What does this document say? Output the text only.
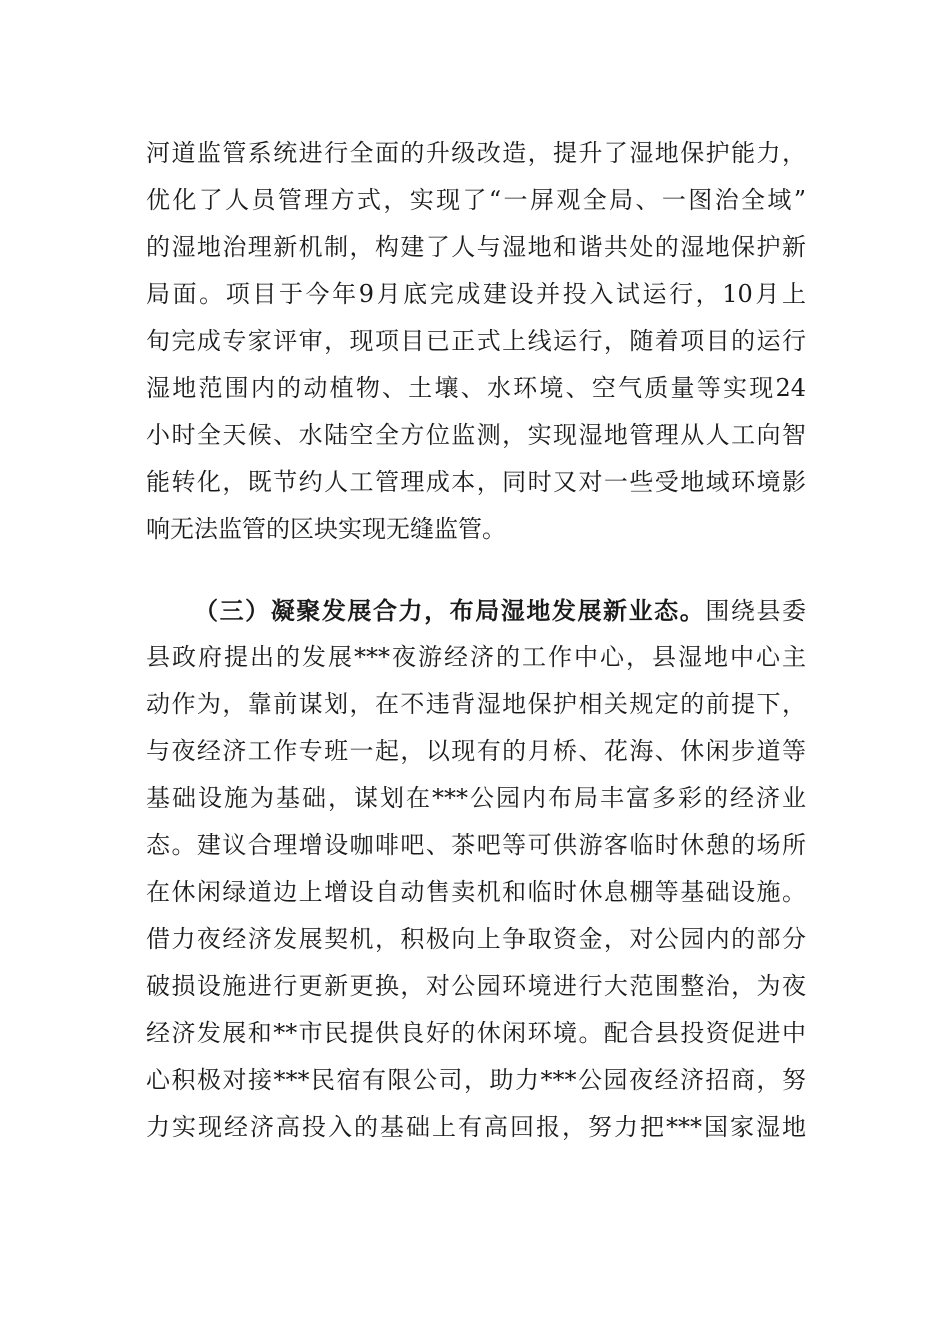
河道监管系统进行全面的升级改造，提升了湿地保护能力，
优化了人员管理方式，实现了“一屏观全局、一图治全域”
的湿地治理新机制，构建了人与湿地和谐共处的湿地保护新
局面。项目于今年9月底完成建设并投入试运行，10月上
旬完成专家评审，现项目已正式上线运行，随着项目的运行
湿地范围内的动植物、土壤、水环境、空气质量等实现24
小时全天候、水陆空全方位监测，实现湿地管理从人工向智
能转化，既节约人工管理成本，同时又对一些受地域环境影
响无法监管的区块实现无缝监管。
（三）凝聚发展合力，布局湿地发展新业态。围绕县委
县政府提出的发展***夜游经济的工作中心，县湿地中心主
动作为，靠前谋划，在不违背湿地保护相关规定的前提下，
与夜经济工作专班一起，以现有的月桥、花海、休闲步道等
基础设施为基础，谋划在***公园内布局丰富多彩的经济业
态。建议合理增设咖啡吧、茶吧等可供游客临时休憩的场所
在休闲绿道边上增设自动售卖机和临时休息棚等基础设施。
借力夜经济发展契机，积极向上争取资金，对公园内的部分
破损设施进行更新更换，对公园环境进行大范围整治，为夜
经济发展和**市民提供良好的休闲环境。配合县投资促进中
心积极对接***民宿有限公司，助力***公园夜经济招商，努
力实现经济高投入的基础上有高回报，努力把***国家湿地
